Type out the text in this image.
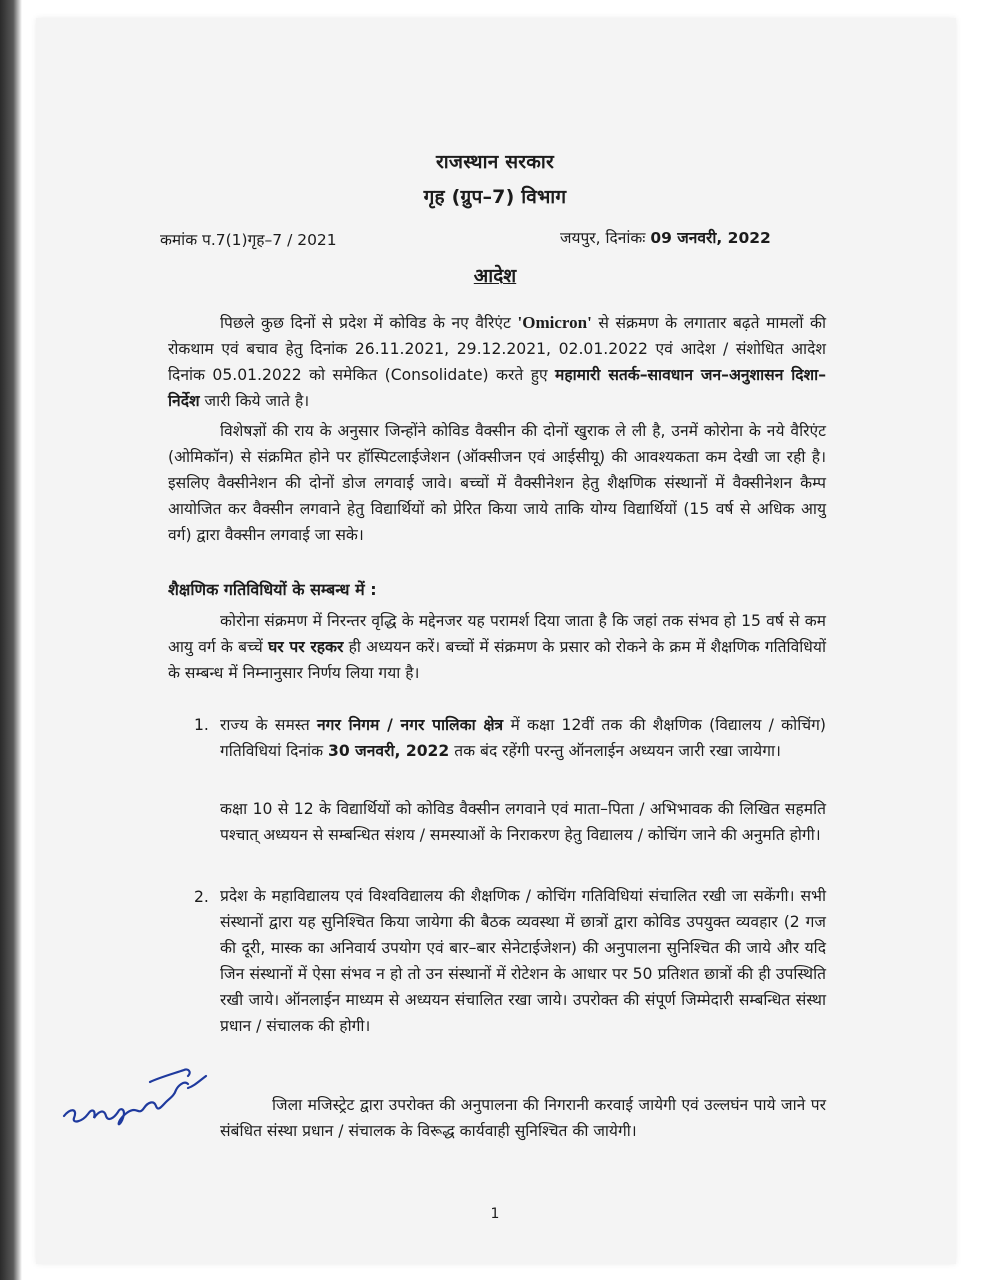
राजस्थान सरकार
गृह (ग्रुप–7) विभाग
कमांक प.7(1)गृह–7 / 2021	जयपुर, दिनांकः 09 जनवरी, 2022
आदेश

पिछले कुछ दिनों से प्रदेश में कोविड के नए वैरिएंट 'Omicron' से संक्रमण के लगातार बढ़ते मामलों की रोकथाम एवं बचाव हेतु दिनांक 26.11.2021, 29.12.2021, 02.01.2022 एवं आदेश / संशोधित आदेश दिनांक 05.01.2022 को समेकित (Consolidate) करते हुए महामारी सतर्क–सावधान जन–अनुशासन दिशा–निर्देश जारी किये जाते है।

विशेषज्ञों की राय के अनुसार जिन्होंने कोविड वैक्सीन की दोनों खुराक ले ली है, उनमें कोरोना के नये वैरिएंट (ओमिकॉन) से संक्रमित होने पर हॉस्पिटलाईजेशन (ऑक्सीजन एवं आईसीयू) की आवश्यकता कम देखी जा रही है। इसलिए वैक्सीनेशन की दोनों डोज लगवाई जावे। बच्चों में वैक्सीनेशन हेतु शैक्षणिक संस्थानों में वैक्सीनेशन कैम्प आयोजित कर वैक्सीन लगवाने हेतु विद्यार्थियों को प्रेरित किया जाये ताकि योग्य विद्यार्थियों (15 वर्ष से अधिक आयु वर्ग) द्वारा वैक्सीन लगवाई जा सके।

शैक्षणिक गतिविधियों के सम्बन्ध में :

कोरोना संक्रमण में निरन्तर वृद्धि के मद्देनजर यह परामर्श दिया जाता है कि जहां तक संभव हो 15 वर्ष से कम आयु वर्ग के बच्चें घर पर रहकर ही अध्ययन करें। बच्चों में संक्रमण के प्रसार को रोकने के क्रम में शैक्षणिक गतिविधियों के सम्बन्ध में निम्नानुसार निर्णय लिया गया है।

1. राज्य के समस्त नगर निगम / नगर पालिका क्षेत्र में कक्षा 12वीं तक की शैक्षणिक (विद्यालय / कोचिंग) गतिविधियां दिनांक 30 जनवरी, 2022 तक बंद रहेंगी परन्तु ऑनलाईन अध्ययन जारी रखा जायेगा।

कक्षा 10 से 12 के विद्यार्थियों को कोविड वैक्सीन लगवाने एवं माता–पिता / अभिभावक की लिखित सहमति पश्चात् अध्ययन से सम्बन्धित संशय / समस्याओं के निराकरण हेतु विद्यालय / कोचिंग जाने की अनुमति होगी।

2. प्रदेश के महाविद्यालय एवं विश्वविद्यालय की शैक्षणिक / कोचिंग गतिविधियां संचालित रखी जा सकेंगी। सभी संस्थानों द्वारा यह सुनिश्चित किया जायेगा की बैठक व्यवस्था में छात्रों द्वारा कोविड उपयुक्त व्यवहार (2 गज की दूरी, मास्क का अनिवार्य उपयोग एवं बार–बार सेनेटाईजेशन) की अनुपालना सुनिश्चित की जाये और यदि जिन संस्थानों में ऐसा संभव न हो तो उन संस्थानों में रोटेशन के आधार पर 50 प्रतिशत छात्रों की ही उपस्थिति रखी जाये। ऑनलाईन माध्यम से अध्ययन संचालित रखा जाये। उपरोक्त की संपूर्ण जिम्मेदारी सम्बन्धित संस्था प्रधान / संचालक की होगी।

जिला मजिस्ट्रेट द्वारा उपरोक्त की अनुपालना की निगरानी करवाई जायेगी एवं उल्लघंन पाये जाने पर संबंधित संस्था प्रधान / संचालक के विरूद्ध कार्यवाही सुनिश्चित की जायेगी।

1
